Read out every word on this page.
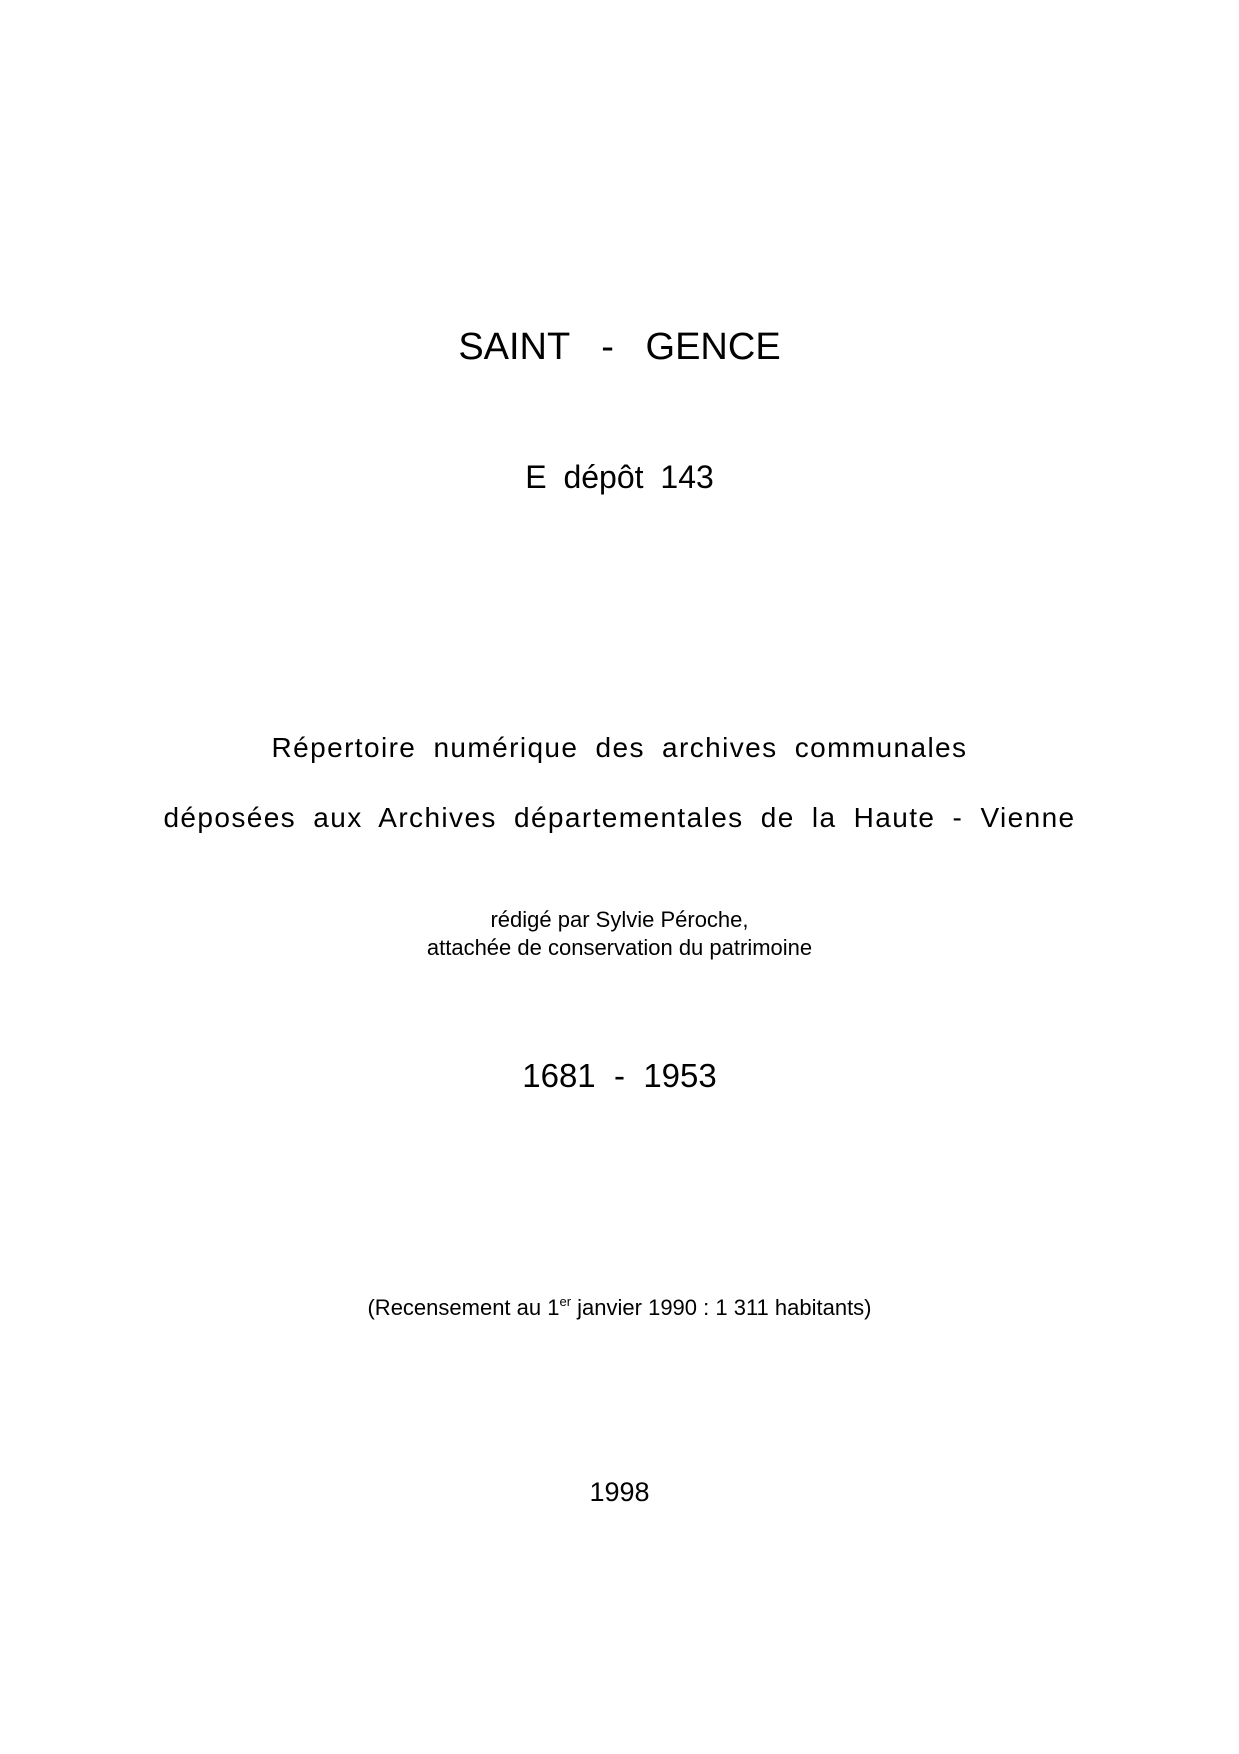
SAINT   -   GENCE
E dépôt 143
Répertoire numérique des archives communales
déposées aux Archives départementales de la Haute - Vienne
rédigé par Sylvie Péroche,
attachée de conservation du patrimoine
1681  -  1953
(Recensement au 1er janvier 1990 : 1 311 habitants)
1998
